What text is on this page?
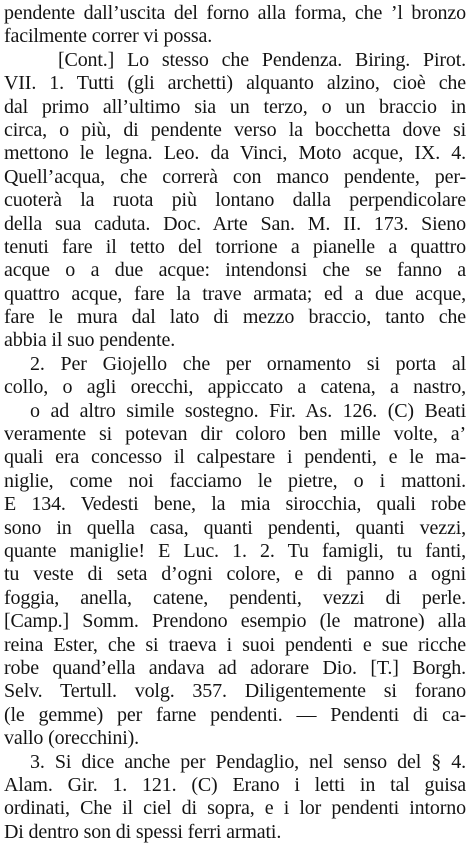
pendente dall’uscita del forno alla forma, che ’l bronzo
facilmente correr vi possa.
[Cont.] Lo stesso che Pendenza. Biring. Pirot.
VII. 1. Tutti (gli archetti) alquanto alzino, cioè che
dal primo all’ultimo sia un terzo, o un braccio in
circa, o più, di pendente verso la bocchetta dove si
mettono le legna. Leo. da Vinci, Moto acque, IX. 4.
Quell’acqua, che correrà con manco pendente, per-
cuoterà la ruota più lontano dalla perpendicolare
della sua caduta. Doc. Arte San. M. II. 173. Sieno
tenuti fare il tetto del torrione a pianelle a quattro
acque o a due acque: intendonsi che se fanno a
quattro acque, fare la trave armata; ed a due acque,
fare le mura dal lato di mezzo braccio, tanto che
abbia il suo pendente.
2. Per Giojello che per ornamento si porta al
collo, o agli orecchi, appiccato a catena, a nastro,
o ad altro simile sostegno. Fir. As. 126. (C) Beati
veramente si potevan dir coloro ben mille volte, a’
quali era concesso il calpestare i pendenti, e le ma-
niglie, come noi facciamo le pietre, o i mattoni.
E 134. Vedesti bene, la mia sirocchia, quali robe
sono in quella casa, quanti pendenti, quanti vezzi,
quante maniglie! E Luc. 1. 2. Tu famigli, tu fanti,
tu veste di seta d’ogni colore, e di panno a ogni
foggia, anella, catene, pendenti, vezzi di perle.
[Camp.] Somm. Prendono esempio (le matrone) alla
reina Ester, che si traeva i suoi pendenti e sue ricche
robe quand’ella andava ad adorare Dio. [T.] Borgh.
Selv. Tertull. volg. 357. Diligentemente si forano
(le gemme) per farne pendenti. — Pendenti di ca-
vallo (orecchini).
3. Si dice anche per Pendaglio, nel senso del § 4.
Alam. Gir. 1. 121. (C) Erano i letti in tal guisa
ordinati, Che il ciel di sopra, e i lor pendenti intorno
Di dentro son di spessi ferri armati.
